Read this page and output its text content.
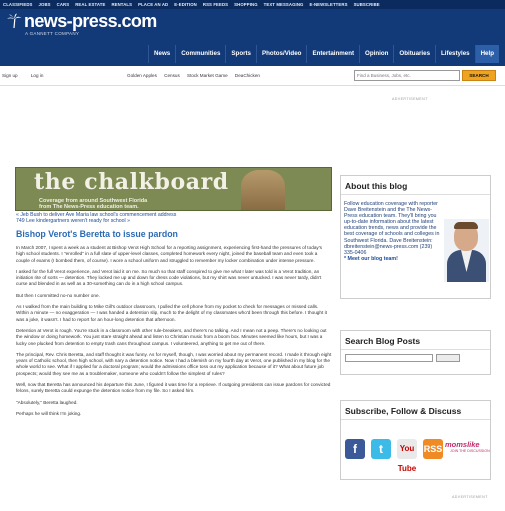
CLASSIFIEDS JOBS CARS REAL ESTATE RENTALS PLACE AN AD E-EDITION RSS FEEDS SHOPPING TEXT MESSAGING E-NEWSLETTERS SUBSCRIBE
news-press.com
A GANNETT COMPANY
News	Communities	Sports	Photos/Video	Entertainment	Opinion	Obituaries	Lifestyles	Help
Sign up	Log in	Golden Apples Census Stock Market Game DeaChicken
Find a Business, Jobs, etc.	SEARCH
ADVERTISEMENT
the chalkboard
Coverage from around Southwest Florida
from The News-Press education team.
« Jeb Bush to deliver Ave Maria law school's commencement address
749 Lee kindergartners weren't ready for school »
Bishop Verot's Beretta to issue pardon

In March 2007, I spent a week as a student at Bishop Verot High School for a reporting assignment, experiencing first-hand the pressures of today's high school students. I "enrolled" in a full slate of upper-level classes, completed homework every night, joined the baseball team and even took a couple of exams (I bombed them, of course). I wore a school uniform and struggled to remember my locker combination under intense pressure.

I asked for the full Verot experience, and Verot laid it on me. So much so that staff conspired to give me what I later was told is a Verot tradition, an initiation rite of sorts — detention. They locked me up and down for dress code violations, but my shirt was never untucked. I was never tardy, didn't curse and blended in as well as a 30-something can do in a high school campus.

But then I committed no-no number one.

As I walked from the main building to Mike Gill's outdoor classroom, I pulled the cell phone from my pocket to check for messages or missed calls. Within a minute — no exaggeration — I was handed a detention slip, much to the delight of my classmates who'd been through this before. I thought it was a joke, it wasn't. I had to report for an hour-long detention that afternoon.

Detention at Verot is rough. You're stuck in a classroom with other rule-breakers, and there's no talking. And I mean not a peep. There's no looking out the window or doing homework. You just stare straight ahead and listen to Christian music from a boom box. Minutes seemed like hours, but I was a lucky one plucked from detention to empty trash cans throughout campus. I volunteered, anything to get me out of there.

The principal, Rev. Chris Beretta, and staff thought it was funny. As for myself, though, I was worried about my permanent record. I made it through eight years of Catholic school, then high school, with nary a detention notice. Now I had a blemish on my fourth day at Verot, one published in my blog for the whole world to see. What if I applied for a doctoral program; would the admissions office toss out my application because of it? What about future job prospects; would they see me as a troublemaker, someone who couldn't follow the simplest of rules?

Well, now that Beretta has announced his departure this June, I figured it was time for a reprieve. If outgoing presidents can issue pardons for convicted felons, surely Beretta could expunge the detention notice from my file. So I asked him.

"Absolutely," Beretta laughed.

Perhaps he will think I'm joking.

About this blog
Follow education coverage with reporter Dave Breitenstein and the The News-Press education team. They'll bring you up-to-date information about the latest education trends, news and provide the best coverage of schools and colleges in Southwest Florida. Dave Breitenstein: dbreitenstein@news-press.com (239) 335-0406
* Meet our blog team!
Search Blog Posts
Subscribe, Follow & Discuss
f	t	You Tube
RSS momslike
JOIN THE DISCUSSION
ADVERTISEMENT
